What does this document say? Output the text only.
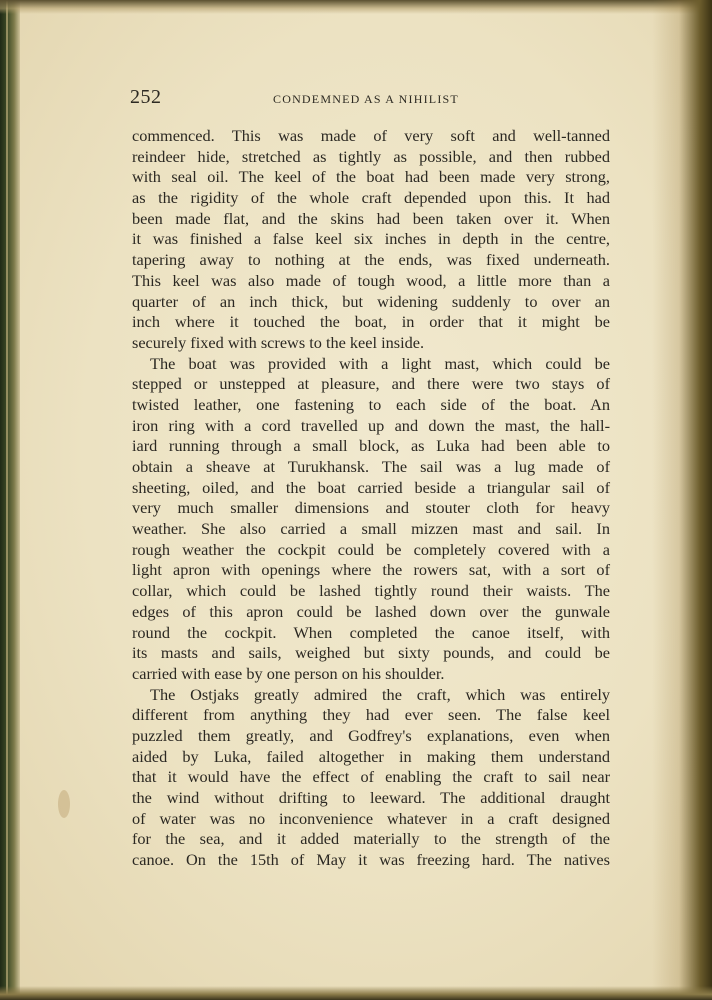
252	CONDEMNED AS A NIHILIST
commenced. This was made of very soft and well-tanned
reindeer hide, stretched as tightly as possible, and then rubbed
with seal oil. The keel of the boat had been made very strong,
as the rigidity of the whole craft depended upon this. It had
been made flat, and the skins had been taken over it. When
it was finished a false keel six inches in depth in the centre,
tapering away to nothing at the ends, was fixed underneath.
This keel was also made of tough wood, a little more than a
quarter of an inch thick, but widening suddenly to over an
inch where it touched the boat, in order that it might be
securely fixed with screws to the keel inside.
The boat was provided with a light mast, which could be
stepped or unstepped at pleasure, and there were two stays of
twisted leather, one fastening to each side of the boat. An
iron ring with a cord travelled up and down the mast, the hall-
iard running through a small block, as Luka had been able to
obtain a sheave at Turukhansk. The sail was a lug made of
sheeting, oiled, and the boat carried beside a triangular sail of
very much smaller dimensions and stouter cloth for heavy
weather. She also carried a small mizzen mast and sail. In
rough weather the cockpit could be completely covered with a
light apron with openings where the rowers sat, with a sort of
collar, which could be lashed tightly round their waists. The
edges of this apron could be lashed down over the gunwale
round the cockpit. When completed the canoe itself, with
its masts and sails, weighed but sixty pounds, and could be
carried with ease by one person on his shoulder.
The Ostjaks greatly admired the craft, which was entirely
different from anything they had ever seen. The false keel
puzzled them greatly, and Godfrey's explanations, even when
aided by Luka, failed altogether in making them understand
that it would have the effect of enabling the craft to sail near
the wind without drifting to leeward. The additional draught
of water was no inconvenience whatever in a craft designed
for the sea, and it added materially to the strength of the
canoe. On the 15th of May it was freezing hard. The natives
